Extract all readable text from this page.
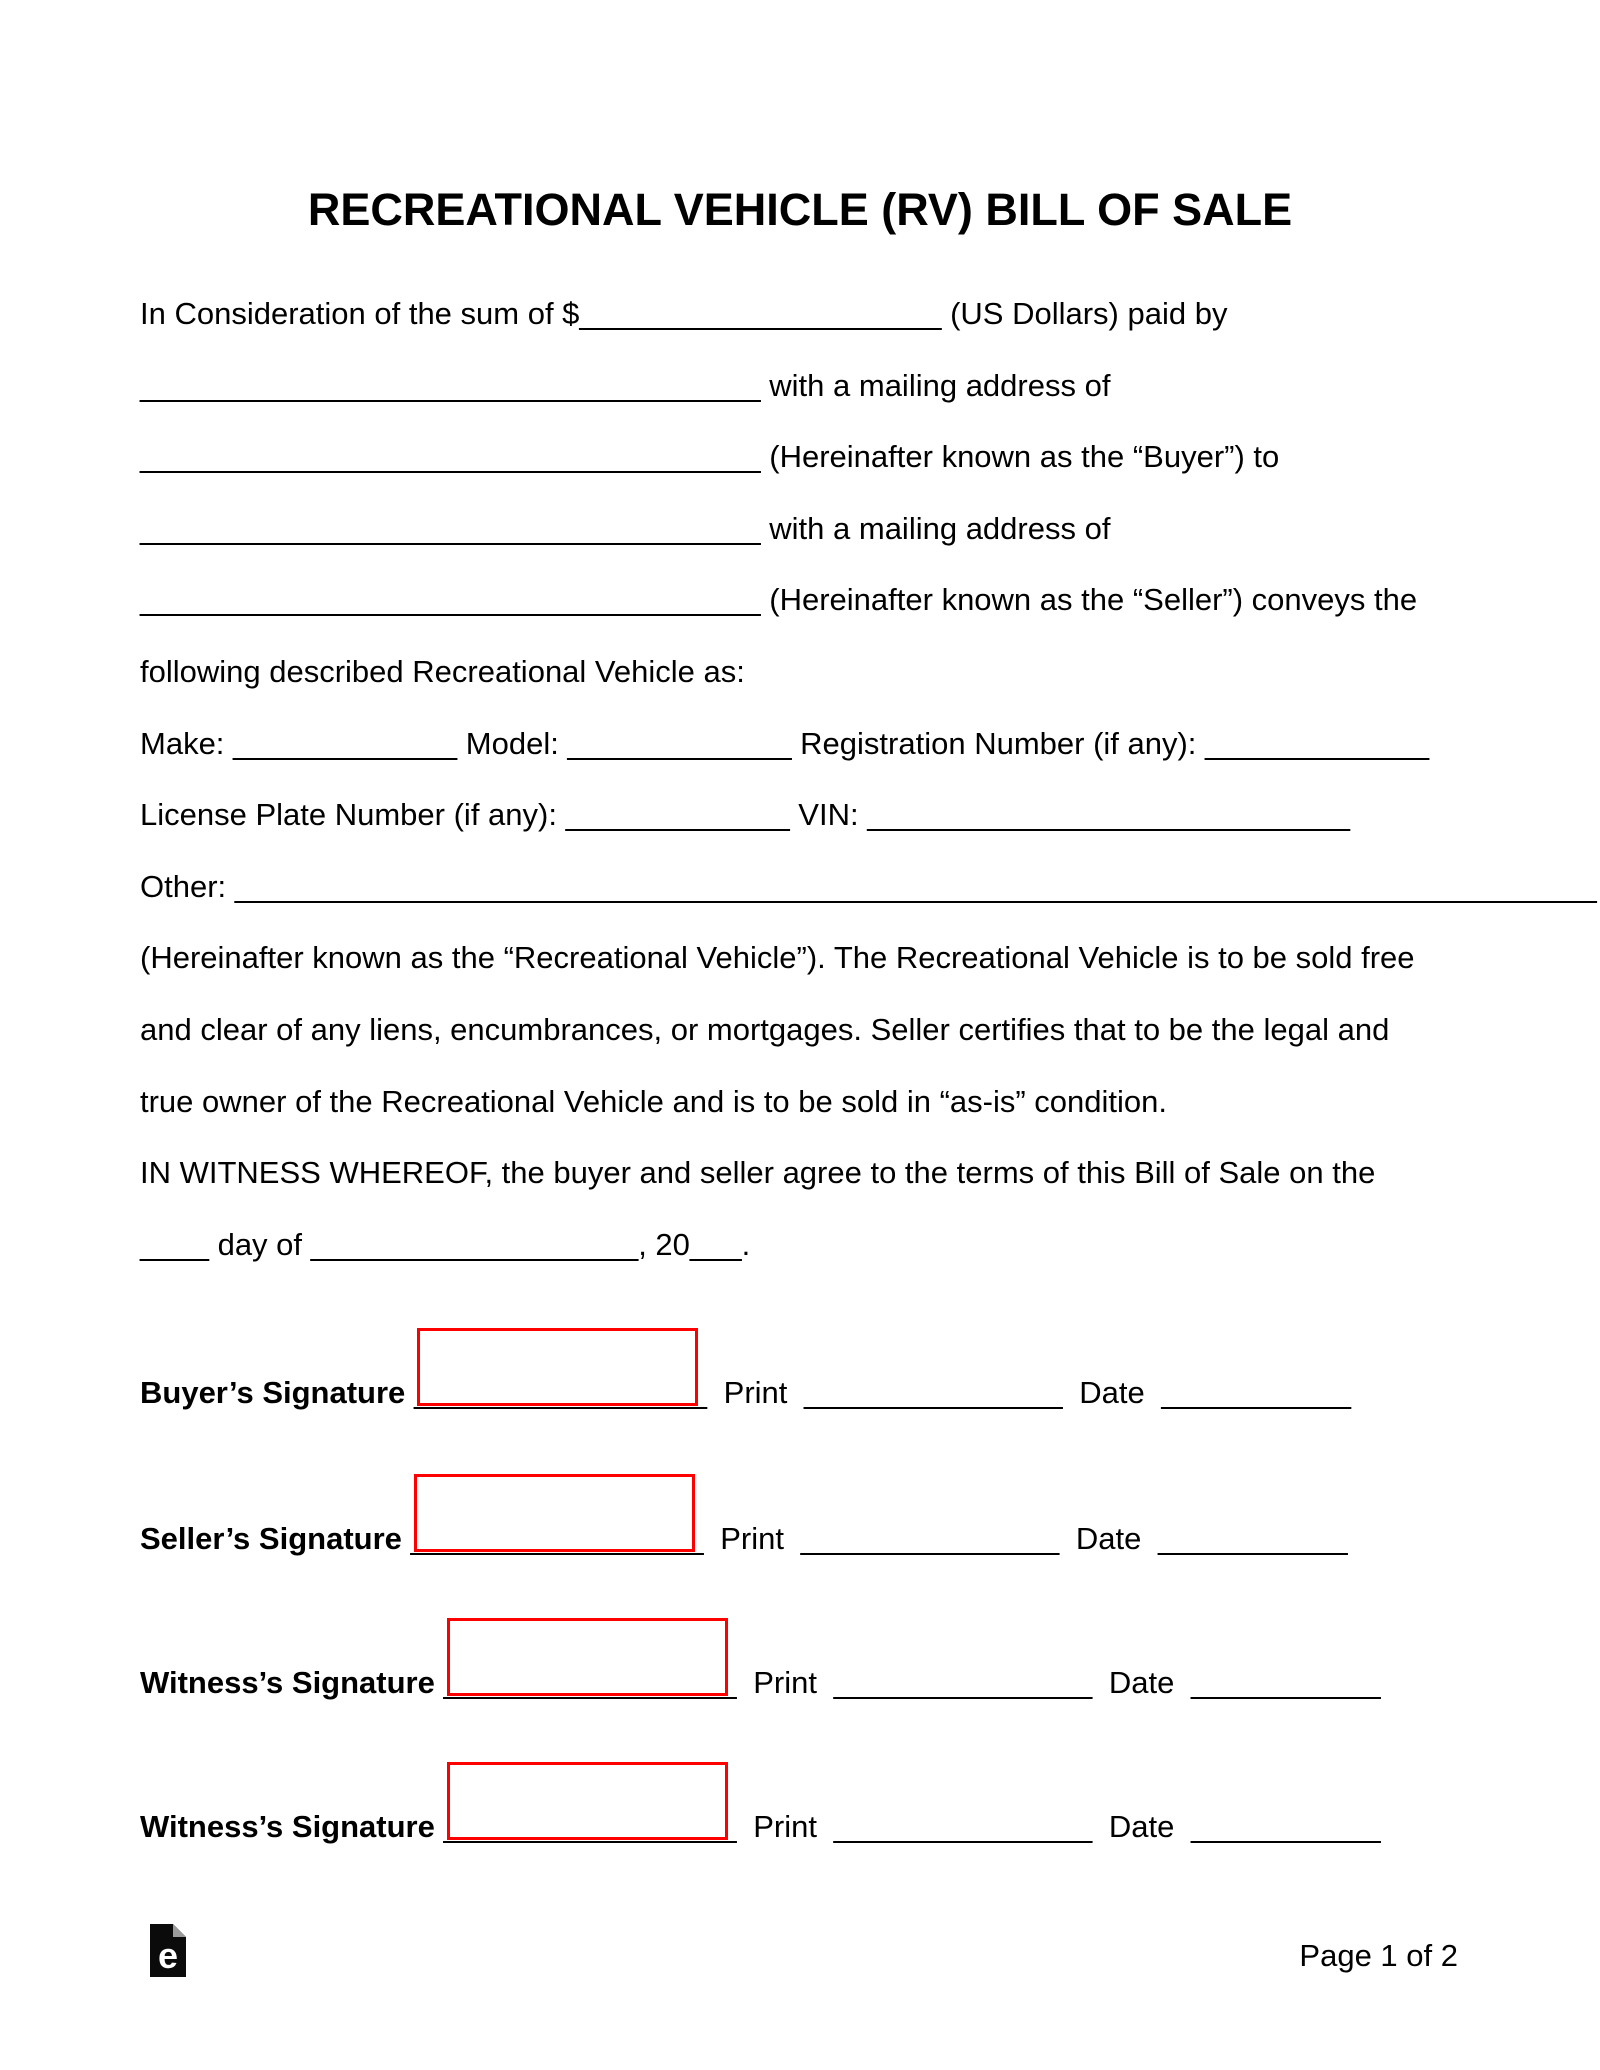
RECREATIONAL VEHICLE (RV) BILL OF SALE
In Consideration of the sum of $_____________________ (US Dollars) paid by
____________________________________ with a mailing address of
____________________________________ (Hereinafter known as the “Buyer”) to
____________________________________ with a mailing address of
____________________________________ (Hereinafter known as the “Seller”) conveys the
following described Recreational Vehicle as:
Make: _____________ Model: _____________ Registration Number (if any): _____________
License Plate Number (if any): _____________ VIN: ____________________________
Other: _______________________________________________________________________________
(Hereinafter known as the “Recreational Vehicle”). The Recreational Vehicle is to be sold free
and clear of any liens, encumbrances, or mortgages. Seller certifies that to be the legal and
true owner of the Recreational Vehicle and is to be sold in “as-is” condition.
IN WITNESS WHEREOF, the buyer and seller agree to the terms of this Bill of Sale on the
____ day of ___________________, 20___.
Buyer’s Signature _________________ Print _______________ Date ___________
Seller’s Signature _________________ Print _______________ Date ___________
Witness’s Signature _________________ Print _______________ Date ___________
Witness’s Signature _________________ Print _______________ Date ___________
e	Page 1 of 2
